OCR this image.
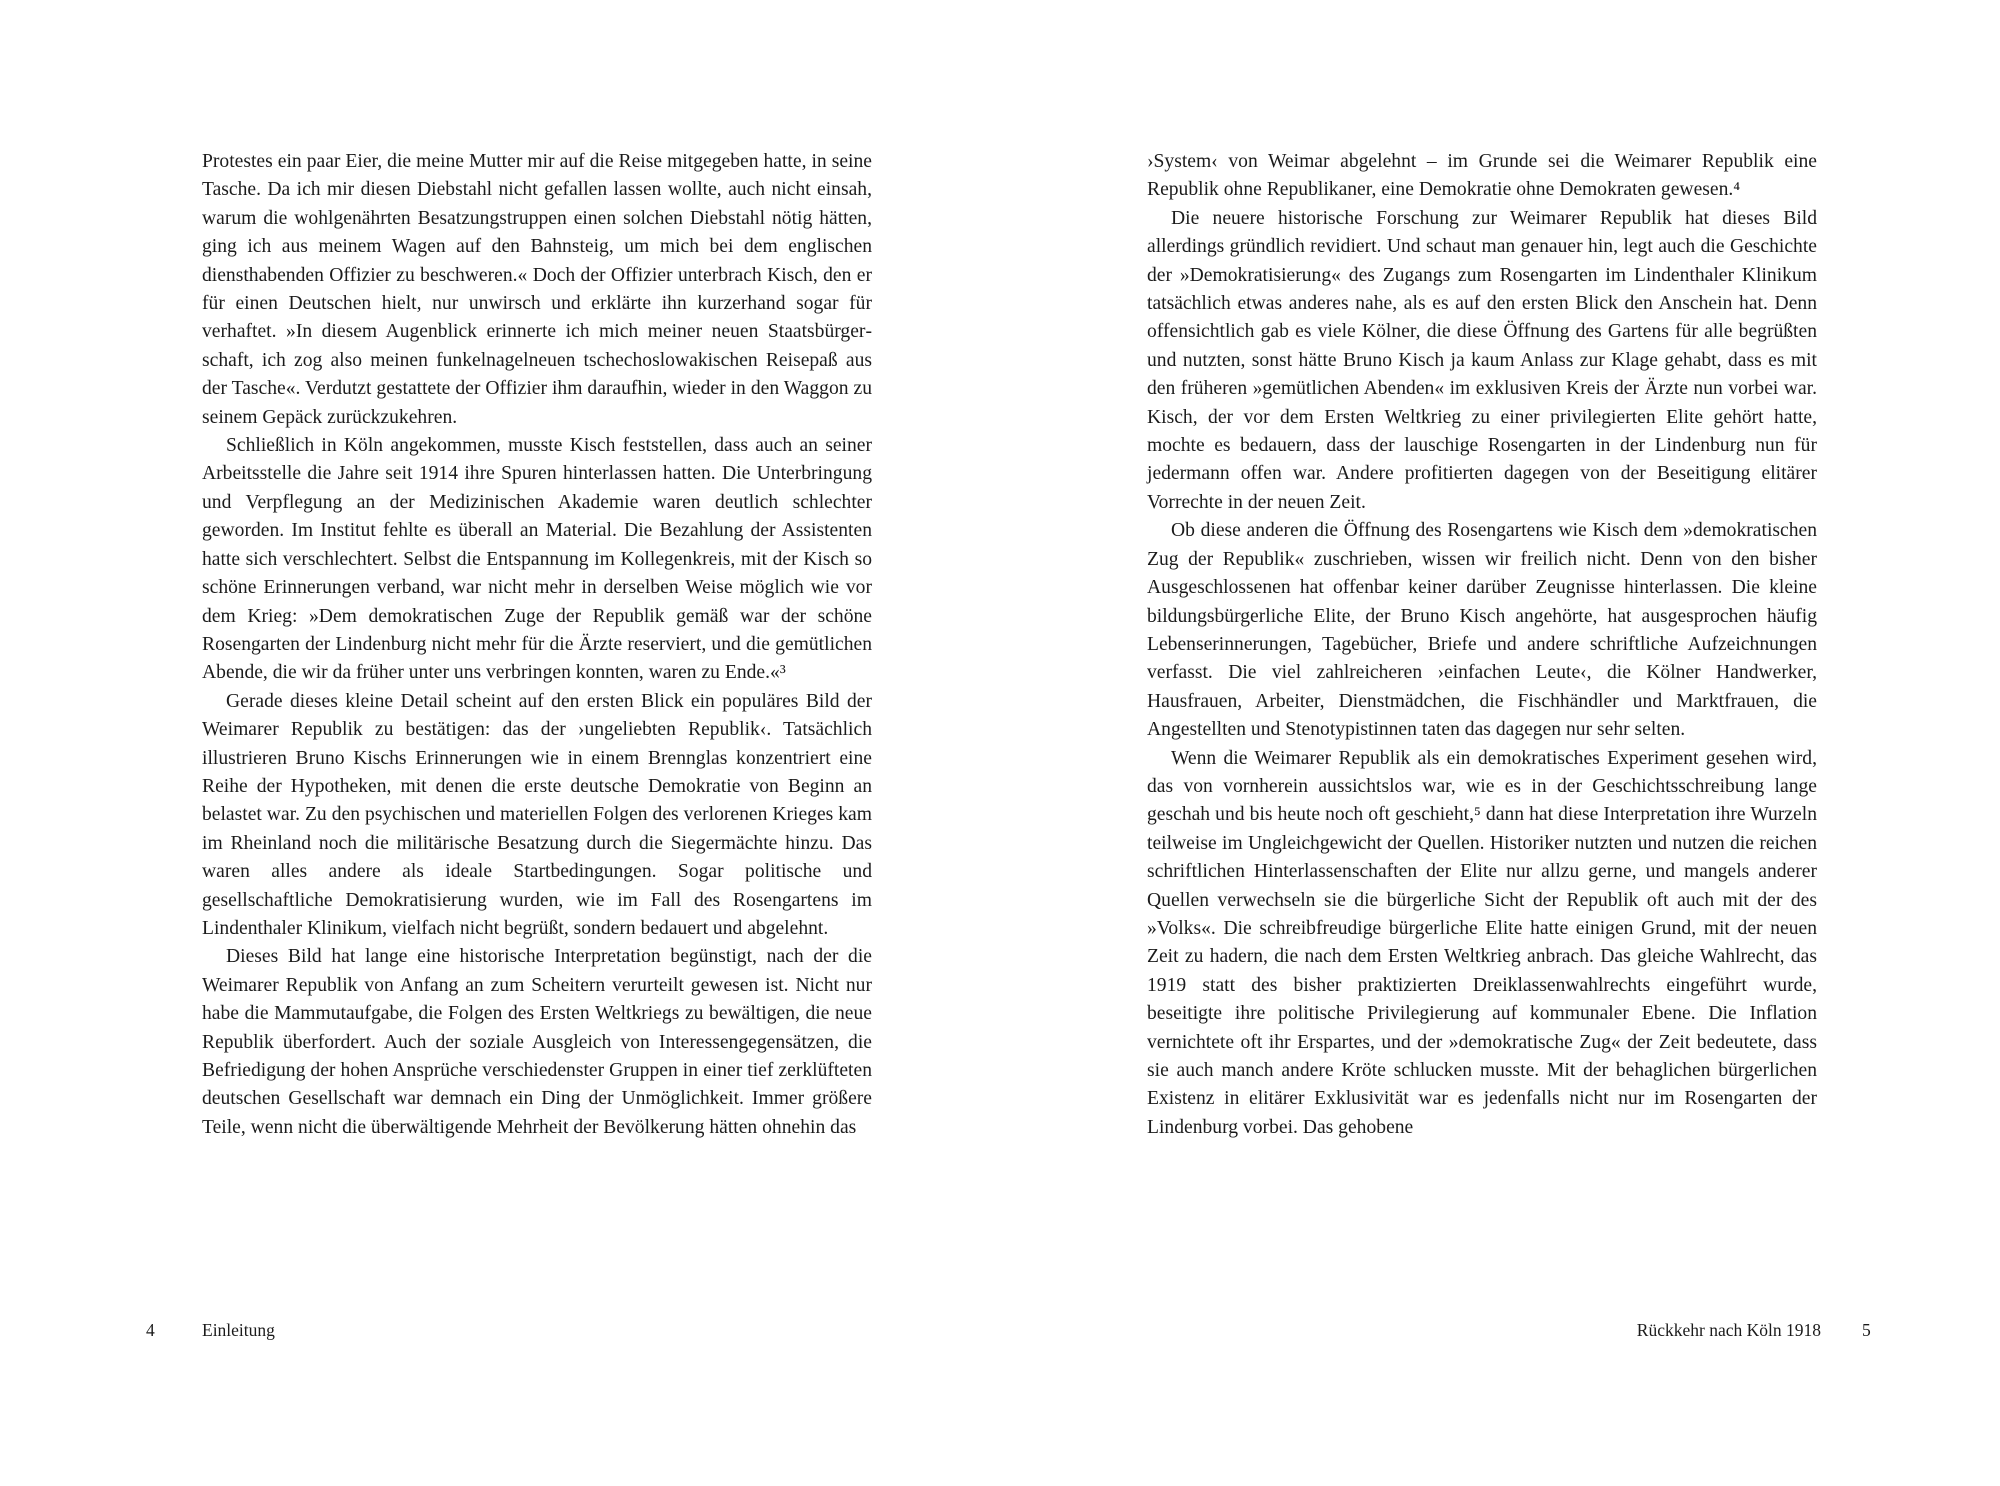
Protestes ein paar Eier, die meine Mutter mir auf die Reise mitgegeben hatte, in seine Tasche. Da ich mir diesen Diebstahl nicht gefallen lassen wollte, auch nicht einsah, warum die wohlgenährten Besatzungstruppen einen solchen Diebstahl nötig hätten, ging ich aus meinem Wagen auf den Bahnsteig, um mich bei dem englischen diensthabenden Offizier zu beschweren.« Doch der Offizier unterbrach Kisch, den er für einen Deutschen hielt, nur unwirsch und erklärte ihn kurzerhand sogar für verhaftet. »In diesem Augenblick erinnerte ich mich meiner neuen Staatsbürgerschaft, ich zog also meinen funkelnagelneuen tschechoslowakischen Reisepaß aus der Tasche«. Verdutzt gestattete der Offizier ihm daraufhin, wieder in den Waggon zu seinem Gepäck zurückzukehren.

Schließlich in Köln angekommen, musste Kisch feststellen, dass auch an seiner Arbeitsstelle die Jahre seit 1914 ihre Spuren hinterlassen hatten. Die Unterbringung und Verpflegung an der Medizinischen Akademie waren deutlich schlechter geworden. Im Institut fehlte es überall an Material. Die Bezahlung der Assistenten hatte sich verschlechtert. Selbst die Entspannung im Kollegenkreis, mit der Kisch so schöne Erinnerungen verband, war nicht mehr in derselben Weise möglich wie vor dem Krieg: »Dem demokratischen Zuge der Republik gemäß war der schöne Rosengarten der Lindenburg nicht mehr für die Ärzte reserviert, und die gemütlichen Abende, die wir da früher unter uns verbringen konnten, waren zu Ende.«³

Gerade dieses kleine Detail scheint auf den ersten Blick ein populäres Bild der Weimarer Republik zu bestätigen: das der ›ungeliebten Republik‹. Tatsächlich illustrieren Bruno Kischs Erinnerungen wie in einem Brennglas konzentriert eine Reihe der Hypotheken, mit denen die erste deutsche Demokratie von Beginn an belastet war. Zu den psychischen und materiellen Folgen des verlorenen Krieges kam im Rheinland noch die militärische Besatzung durch die Siegermächte hinzu. Das waren alles andere als ideale Startbedingungen. Sogar politische und gesellschaftliche Demokratisierung wurden, wie im Fall des Rosengartens im Lindenthaler Klinikum, vielfach nicht begrüßt, sondern bedauert und abgelehnt.

Dieses Bild hat lange eine historische Interpretation begünstigt, nach der die Weimarer Republik von Anfang an zum Scheitern verurteilt gewesen ist. Nicht nur habe die Mammutaufgabe, die Folgen des Ersten Weltkriegs zu bewältigen, die neue Republik überfordert. Auch der soziale Ausgleich von Interessengegensätzen, die Befriedigung der hohen Ansprüche verschiedenster Gruppen in einer tief zerklüfteten deutschen Gesellschaft war demnach ein Ding der Unmöglichkeit. Immer größere Teile, wenn nicht die überwältigende Mehrheit der Bevölkerung hätten ohnehin das

4	Einleitung

›System‹ von Weimar abgelehnt – im Grunde sei die Weimarer Republik eine Republik ohne Republikaner, eine Demokratie ohne Demokraten gewesen.⁴

Die neuere historische Forschung zur Weimarer Republik hat dieses Bild allerdings gründlich revidiert. Und schaut man genauer hin, legt auch die Geschichte der »Demokratisierung« des Zugangs zum Rosengarten im Lindenthaler Klinikum tatsächlich etwas anderes nahe, als es auf den ersten Blick den Anschein hat. Denn offensichtlich gab es viele Kölner, die diese Öffnung des Gartens für alle begrüßten und nutzten, sonst hätte Bruno Kisch ja kaum Anlass zur Klage gehabt, dass es mit den früheren »gemütlichen Abenden« im exklusiven Kreis der Ärzte nun vorbei war. Kisch, der vor dem Ersten Weltkrieg zu einer privilegierten Elite gehört hatte, mochte es bedauern, dass der lauschige Rosengarten in der Lindenburg nun für jedermann offen war. Andere profitierten dagegen von der Beseitigung elitärer Vorrechte in der neuen Zeit.

Ob diese anderen die Öffnung des Rosengartens wie Kisch dem »demokratischen Zug der Republik« zuschrieben, wissen wir freilich nicht. Denn von den bisher Ausgeschlossenen hat offenbar keiner darüber Zeugnisse hinterlassen. Die kleine bildungsbürgerliche Elite, der Bruno Kisch angehörte, hat ausgesprochen häufig Lebenserinnerungen, Tagebücher, Briefe und andere schriftliche Aufzeichnungen verfasst. Die viel zahlreicheren ›einfachen Leute‹, die Kölner Handwerker, Hausfrauen, Arbeiter, Dienstmädchen, die Fischhändler und Marktfrauen, die Angestellten und Stenotypistinnen taten das dagegen nur sehr selten.

Wenn die Weimarer Republik als ein demokratisches Experiment gesehen wird, das von vornherein aussichtslos war, wie es in der Geschichtsschreibung lange geschah und bis heute noch oft geschieht,⁵ dann hat diese Interpretation ihre Wurzeln teilweise im Ungleichgewicht der Quellen. Historiker nutzten und nutzen die reichen schriftlichen Hinterlassenschaften der Elite nur allzu gerne, und mangels anderer Quellen verwechseln sie die bürgerliche Sicht der Republik oft auch mit der des »Volks«. Die schreibfreudige bürgerliche Elite hatte einigen Grund, mit der neuen Zeit zu hadern, die nach dem Ersten Weltkrieg anbrach. Das gleiche Wahlrecht, das 1919 statt des bisher praktizierten Dreiklassenwahlrechts eingeführt wurde, beseitigte ihre politische Privilegierung auf kommunaler Ebene. Die Inflation vernichtete oft ihr Erspartes, und der »demokratische Zug« der Zeit bedeutete, dass sie auch manch andere Kröte schlucken musste. Mit der behaglichen bürgerlichen Existenz in elitärer Exklusivität war es jedenfalls nicht nur im Rosengarten der Lindenburg vorbei. Das gehobene

Rückkehr nach Köln 1918 5
